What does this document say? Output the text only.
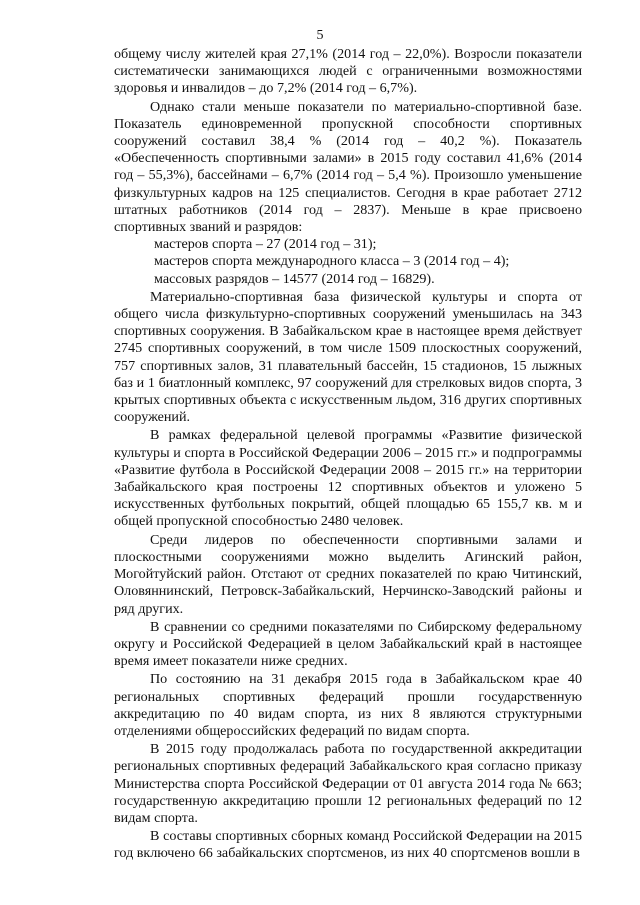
5

общему числу жителей края 27,1% (2014 год – 22,0%). Возросли показатели систематически занимающихся людей с ограниченными возможностями здоровья и инвалидов – до 7,2% (2014 год – 6,7%).

Однако стали меньше показатели по материально-спортивной базе. Показатель единовременной пропускной способности спортивных сооружений составил 38,4 % (2014 год – 40,2 %). Показатель «Обеспеченность спортивными залами» в 2015 году составил 41,6% (2014 год – 55,3%), бассейнами – 6,7% (2014 год – 5,4 %). Произошло уменьшение физкультурных кадров на 125 специалистов. Сегодня в крае работает 2712 штатных работников (2014 год – 2837). Меньше в крае присвоено спортивных званий и разрядов:

мастеров спорта – 27 (2014 год – 31);
мастеров спорта международного класса – 3 (2014 год – 4);
массовых разрядов – 14577 (2014 год – 16829).

Материально-спортивная база физической культуры и спорта от общего числа физкультурно-спортивных сооружений уменьшилась на 343 спортивных сооружения. В Забайкальском крае в настоящее время действует 2745 спортивных сооружений, в том числе 1509 плоскостных сооружений, 757 спортивных залов, 31 плавательный бассейн, 15 стадионов, 15 лыжных баз и 1 биатлонный комплекс, 97 сооружений для стрелковых видов спорта, 3 крытых спортивных объекта с искусственным льдом, 316 других спортивных сооружений.

В рамках федеральной целевой программы «Развитие физической культуры и спорта в Российской Федерации 2006 – 2015 гг.» и подпрограммы «Развитие футбола в Российской Федерации 2008 – 2015 гг.» на территории Забайкальского края построены 12 спортивных объектов и уложено 5 искусственных футбольных покрытий, общей площадью 65 155,7 кв. м и общей пропускной способностью 2480 человек.

Среди лидеров по обеспеченности спортивными залами и плоскостными сооружениями можно выделить Агинский район, Могойтуйский район. Отстают от средних показателей по краю Читинский, Оловяннинский, Петровск-Забайкальский, Нерчинско-Заводский районы и ряд других.

В сравнении со средними показателями по Сибирскому федеральному округу и Российской Федерацией в целом Забайкальский край в настоящее время имеет показатели ниже средних.

По состоянию на 31 декабря 2015 года в Забайкальском крае 40 региональных спортивных федераций прошли государственную аккредитацию по 40 видам спорта, из них 8 являются структурными отделениями общероссийских федераций по видам спорта.

В 2015 году продолжалась работа по государственной аккредитации региональных спортивных федераций Забайкальского края согласно приказу Министерства спорта Российской Федерации от 01 августа 2014 года № 663; государственную аккредитацию прошли 12 региональных федераций по 12 видам спорта.

В составы спортивных сборных команд Российской Федерации на 2015 год включено 66 забайкальских спортсменов, из них 40 спортсменов вошли в
